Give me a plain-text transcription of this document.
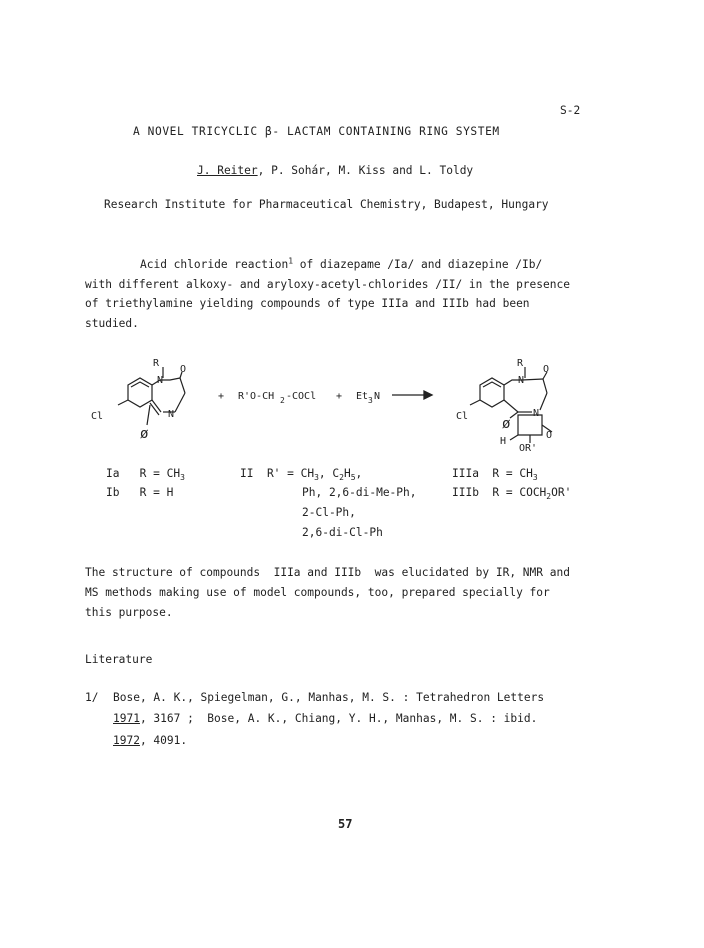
S-2
A NOVEL TRICYCLIC β- LACTAM CONTAINING RING SYSTEM
J. Reiter, P. Sohár, M. Kiss and L. Toldy
Research Institute for Pharmaceutical Chemistry, Budapest, Hungary
Acid chloride reaction$^1$ of diazepame /Ia/ and diazepine /Ib/
with different alkoxy- and aryloxy-acetyl-chlorides /II/ in the presence
of triethylamine yielding compounds of type IIIa and IIIb had been
studied.
R
O
N
N
Cl
ø
+ R'O-CH 2 -COCl + Et 3 N
R
O
N
N
Cl ø
H
OR'
O
Ia   $R = CH_3$
Ib   R = H
II  $R' = CH_3$, $C_2H_5$,
Ph, 2,6-di-Me-Ph,
2-Cl-Ph,
2,6-di-Cl-Ph
IIIa  $R = CH_3$
IIIb  $R = COCH_2OR'$
The structure of compounds  IIIa and IIIb  was elucidated by IR, NMR and
MS methods making use of model compounds, too, prepared specially for
this purpose.
Literature
1/ Bose, A. K., Spiegelman, G., Manhas, M. S. : Tetrahedron Letters
1971, 3167 ;  Bose, A. K., Chiang, Y. H., Manhas, M. S. : ibid.
1972, 4091.
57
